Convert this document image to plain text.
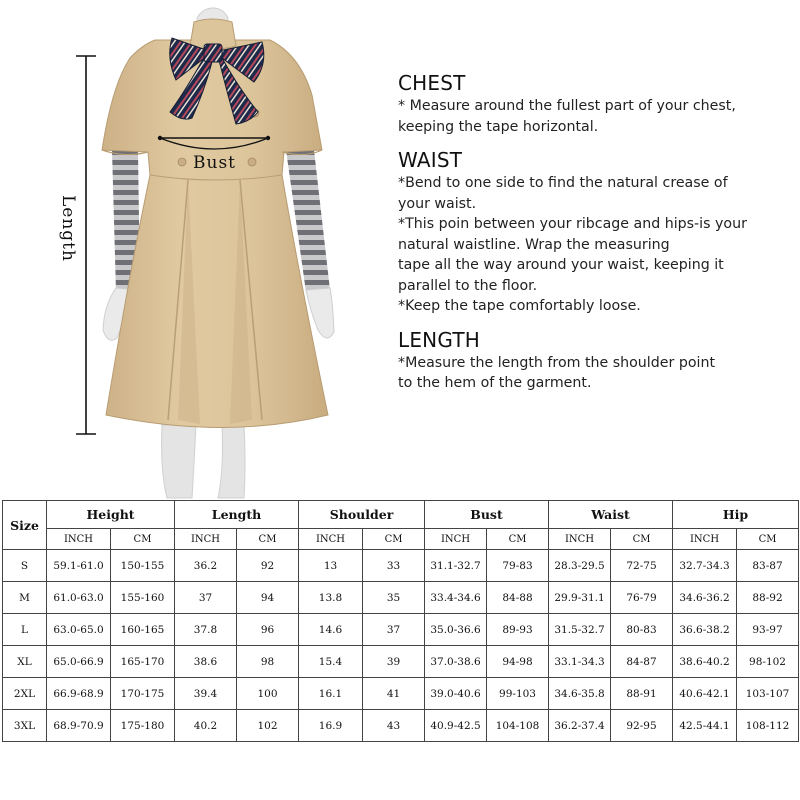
Length
Bust
CHEST
* Measure around the fullest part of your chest,
keeping the tape horizontal.
WAIST
*Bend to one side to find the natural crease of
your waist.
*This poin between your ribcage and hips-is your
natural waistline. Wrap the measuring
tape all the way around your waist, keeping it
parallel to the floor.
*Keep the tape comfortably loose.
LENGTH
*Measure the length from the shoulder point
to the hem of the garment.
Size	Height		Length		Shoulder		Bust		Waist		Hip	
	INCH	CM	INCH	CM	INCH	CM	INCH	CM	INCH	CM	INCH	CM
S	59.1-61.0	150-155	36.2	92	13	33	31.1-32.7	79-83	28.3-29.5	72-75	32.7-34.3	83-87
M	61.0-63.0	155-160	37	94	13.8	35	33.4-34.6	84-88	29.9-31.1	76-79	34.6-36.2	88-92
L	63.0-65.0	160-165	37.8	96	14.6	37	35.0-36.6	89-93	31.5-32.7	80-83	36.6-38.2	93-97
XL	65.0-66.9	165-170	38.6	98	15.4	39	37.0-38.6	94-98	33.1-34.3	84-87	38.6-40.2	98-102
2XL	66.9-68.9	170-175	39.4	100	16.1	41	39.0-40.6	99-103	34.6-35.8	88-91	40.6-42.1	103-107
3XL	68.9-70.9	175-180	40.2	102	16.9	43	40.9-42.5	104-108	36.2-37.4	92-95	42.5-44.1	108-112
